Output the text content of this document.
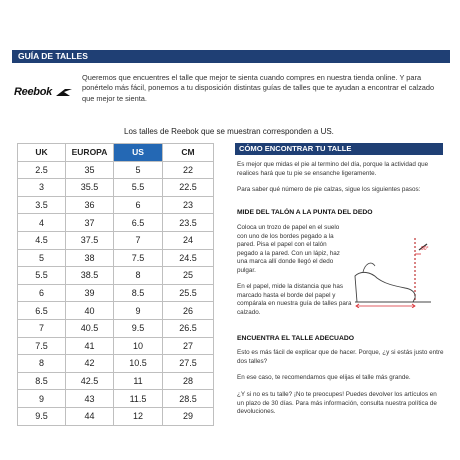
GUÍA DE TALLES
Reebok
Queremos que encuentres el talle que mejor te sienta cuando compres en nuestra tienda online. Y para ponértelo más fácil, ponemos a tu disposición distintas guías de talles que te ayudan a encontrar el calzado que mejor te sienta.
Los talles de Reebok que se muestran corresponden a US.
UK	EUROPA	US	CM
2.5	35	5	22
3	35.5	5.5	22.5
3.5	36	6	23
4	37	6.5	23.5
4.5	37.5	7	24
5	38	7.5	24.5
5.5	38.5	8	25
6	39	8.5	25.5
6.5	40	9	26
7	40.5	9.5	26.5
7.5	41	10	27
8	42	10.5	27.5
8.5	42.5	11	28
9	43	11.5	28.5
9.5	44	12	29
CÓMO ENCONTRAR TU TALLE
Es mejor que midas el pie al termino del día, porque la actividad que realices hará que tu pie se ensanche ligeramente.
Para saber qué número de pie calzas, sigue los siguientes pasos:
MIDE DEL TALÓN A LA PUNTA DEL DEDO
Coloca un trozo de papel en el suelo con uno de los bordes pegado a la pared. Pisa el papel con el talón pegado a la pared. Con un lápiz, haz una marca allí donde llegó el dedo pulgar.
En el papel, mide la distancia que has marcado hasta el borde del papel y compárala en nuestra guía de talles para calzado.
90°
ENCUENTRA EL TALLE ADECUADO
Esto es más fácil de explicar que de hacer. Porque, ¿y si estás justo entre dos talles?
En ese caso, te recomendamos que elijas el talle más grande.
¿Y si no es tu talle? ¡No te preocupes! Puedes devolver los artículos en un plazo de 30 días. Para más información, consulta nuestra política de devoluciones.
